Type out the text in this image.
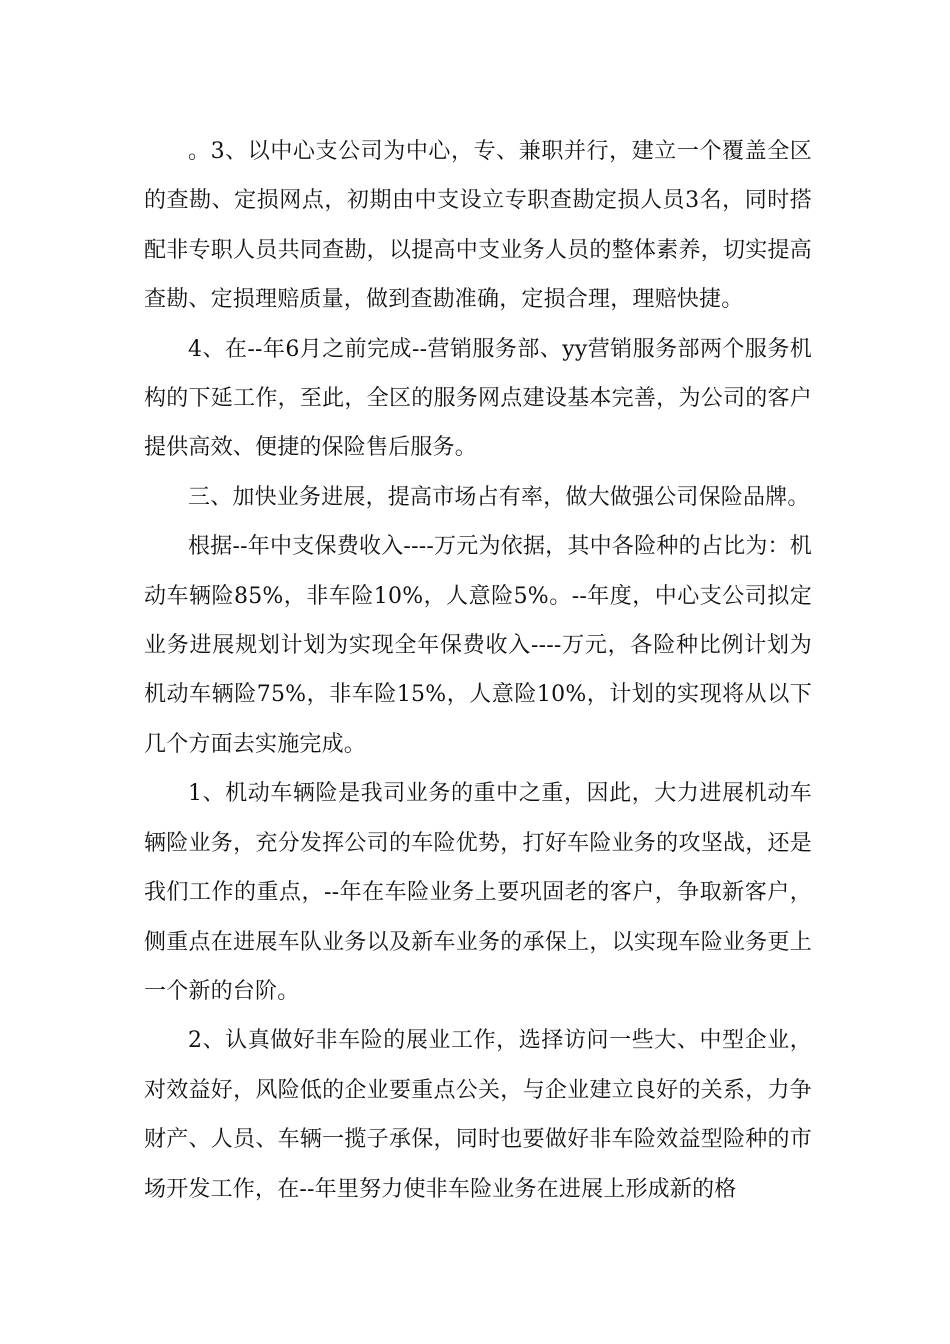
。3、以中心支公司为中心，专、兼职并行，建立一个覆盖全区的查勘、定损网点，初期由中支设立专职查勘定损人员3名，同时搭配非专职人员共同查勘，以提高中支业务人员的整体素养，切实提高查勘、定损理赔质量，做到查勘准确，定损合理，理赔快捷。

4、在--年6月之前完成--营销服务部、yy营销服务部两个服务机构的下延工作，至此，全区的服务网点建设基本完善，为公司的客户提供高效、便捷的保险售后服务。

三、加快业务进展，提高市场占有率，做大做强公司保险品牌。

根据--年中支保费收入----万元为依据，其中各险种的占比为：机动车辆险85%，非车险10%，人意险5%。--年度，中心支公司拟定业务进展规划计划为实现全年保费收入----万元，各险种比例计划为机动车辆险75%，非车险15%，人意险10%，计划的实现将从以下几个方面去实施完成。

1、机动车辆险是我司业务的重中之重，因此，大力进展机动车辆险业务，充分发挥公司的车险优势，打好车险业务的攻坚战，还是我们工作的重点，--年在车险业务上要巩固老的客户，争取新客户，侧重点在进展车队业务以及新车业务的承保上，以实现车险业务更上一个新的台阶。

2、认真做好非车险的展业工作，选择访问一些大、中型企业，对效益好，风险低的企业要重点公关，与企业建立良好的关系，力争财产、人员、车辆一揽子承保，同时也要做好非车险效益型险种的市场开发工作，在--年里努力使非车险业务在进展上形成新的格
